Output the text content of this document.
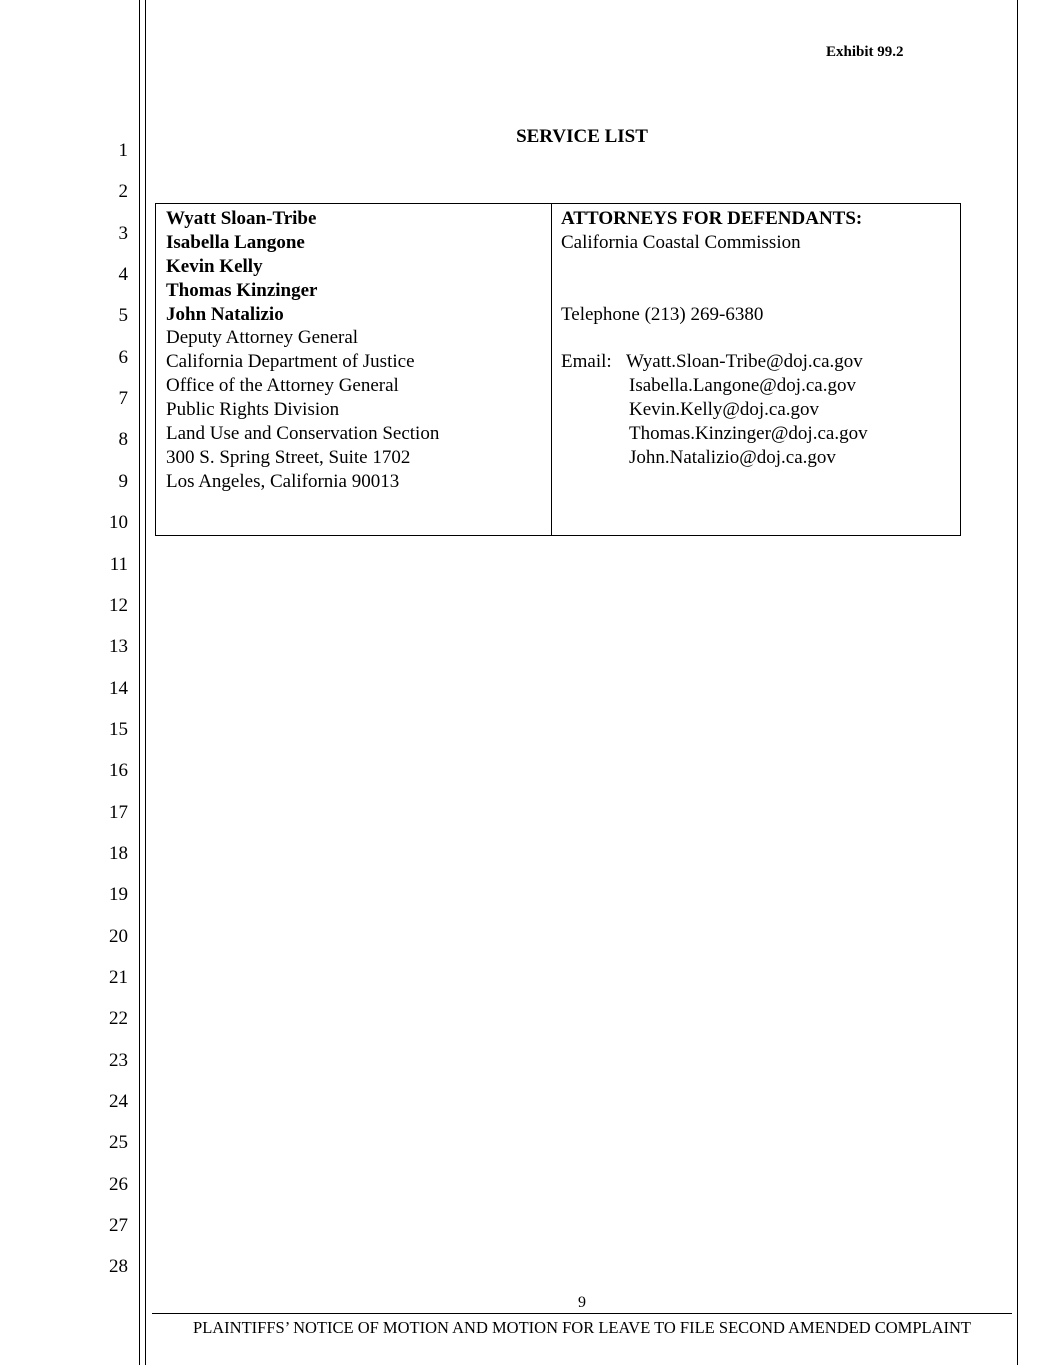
1
2
3
4
5
6
7
8
9
10
11
12
13
14
15
16
17
18
19
20
21
22
23
24
25
26
27
28
Exhibit 99.2
SERVICE LIST
Wyatt Sloan-Tribe
Isabella Langone
Kevin Kelly
Thomas Kinzinger
John Natalizio
Deputy Attorney General
California Department of Justice
Office of the Attorney General
Public Rights Division
Land Use and Conservation Section
300 S. Spring Street, Suite 1702
Los Angeles, California 90013
ATTORNEYS FOR DEFENDANTS:
California Coastal Commission
Telephone (213) 269-6380
Email: Wyatt.Sloan-Tribe@doj.ca.gov
Isabella.Langone@doj.ca.gov
Kevin.Kelly@doj.ca.gov
Thomas.Kinzinger@doj.ca.gov
John.Natalizio@doj.ca.gov
9
PLAINTIFFS’ NOTICE OF MOTION AND MOTION FOR LEAVE TO FILE SECOND AMENDED COMPLAINT
